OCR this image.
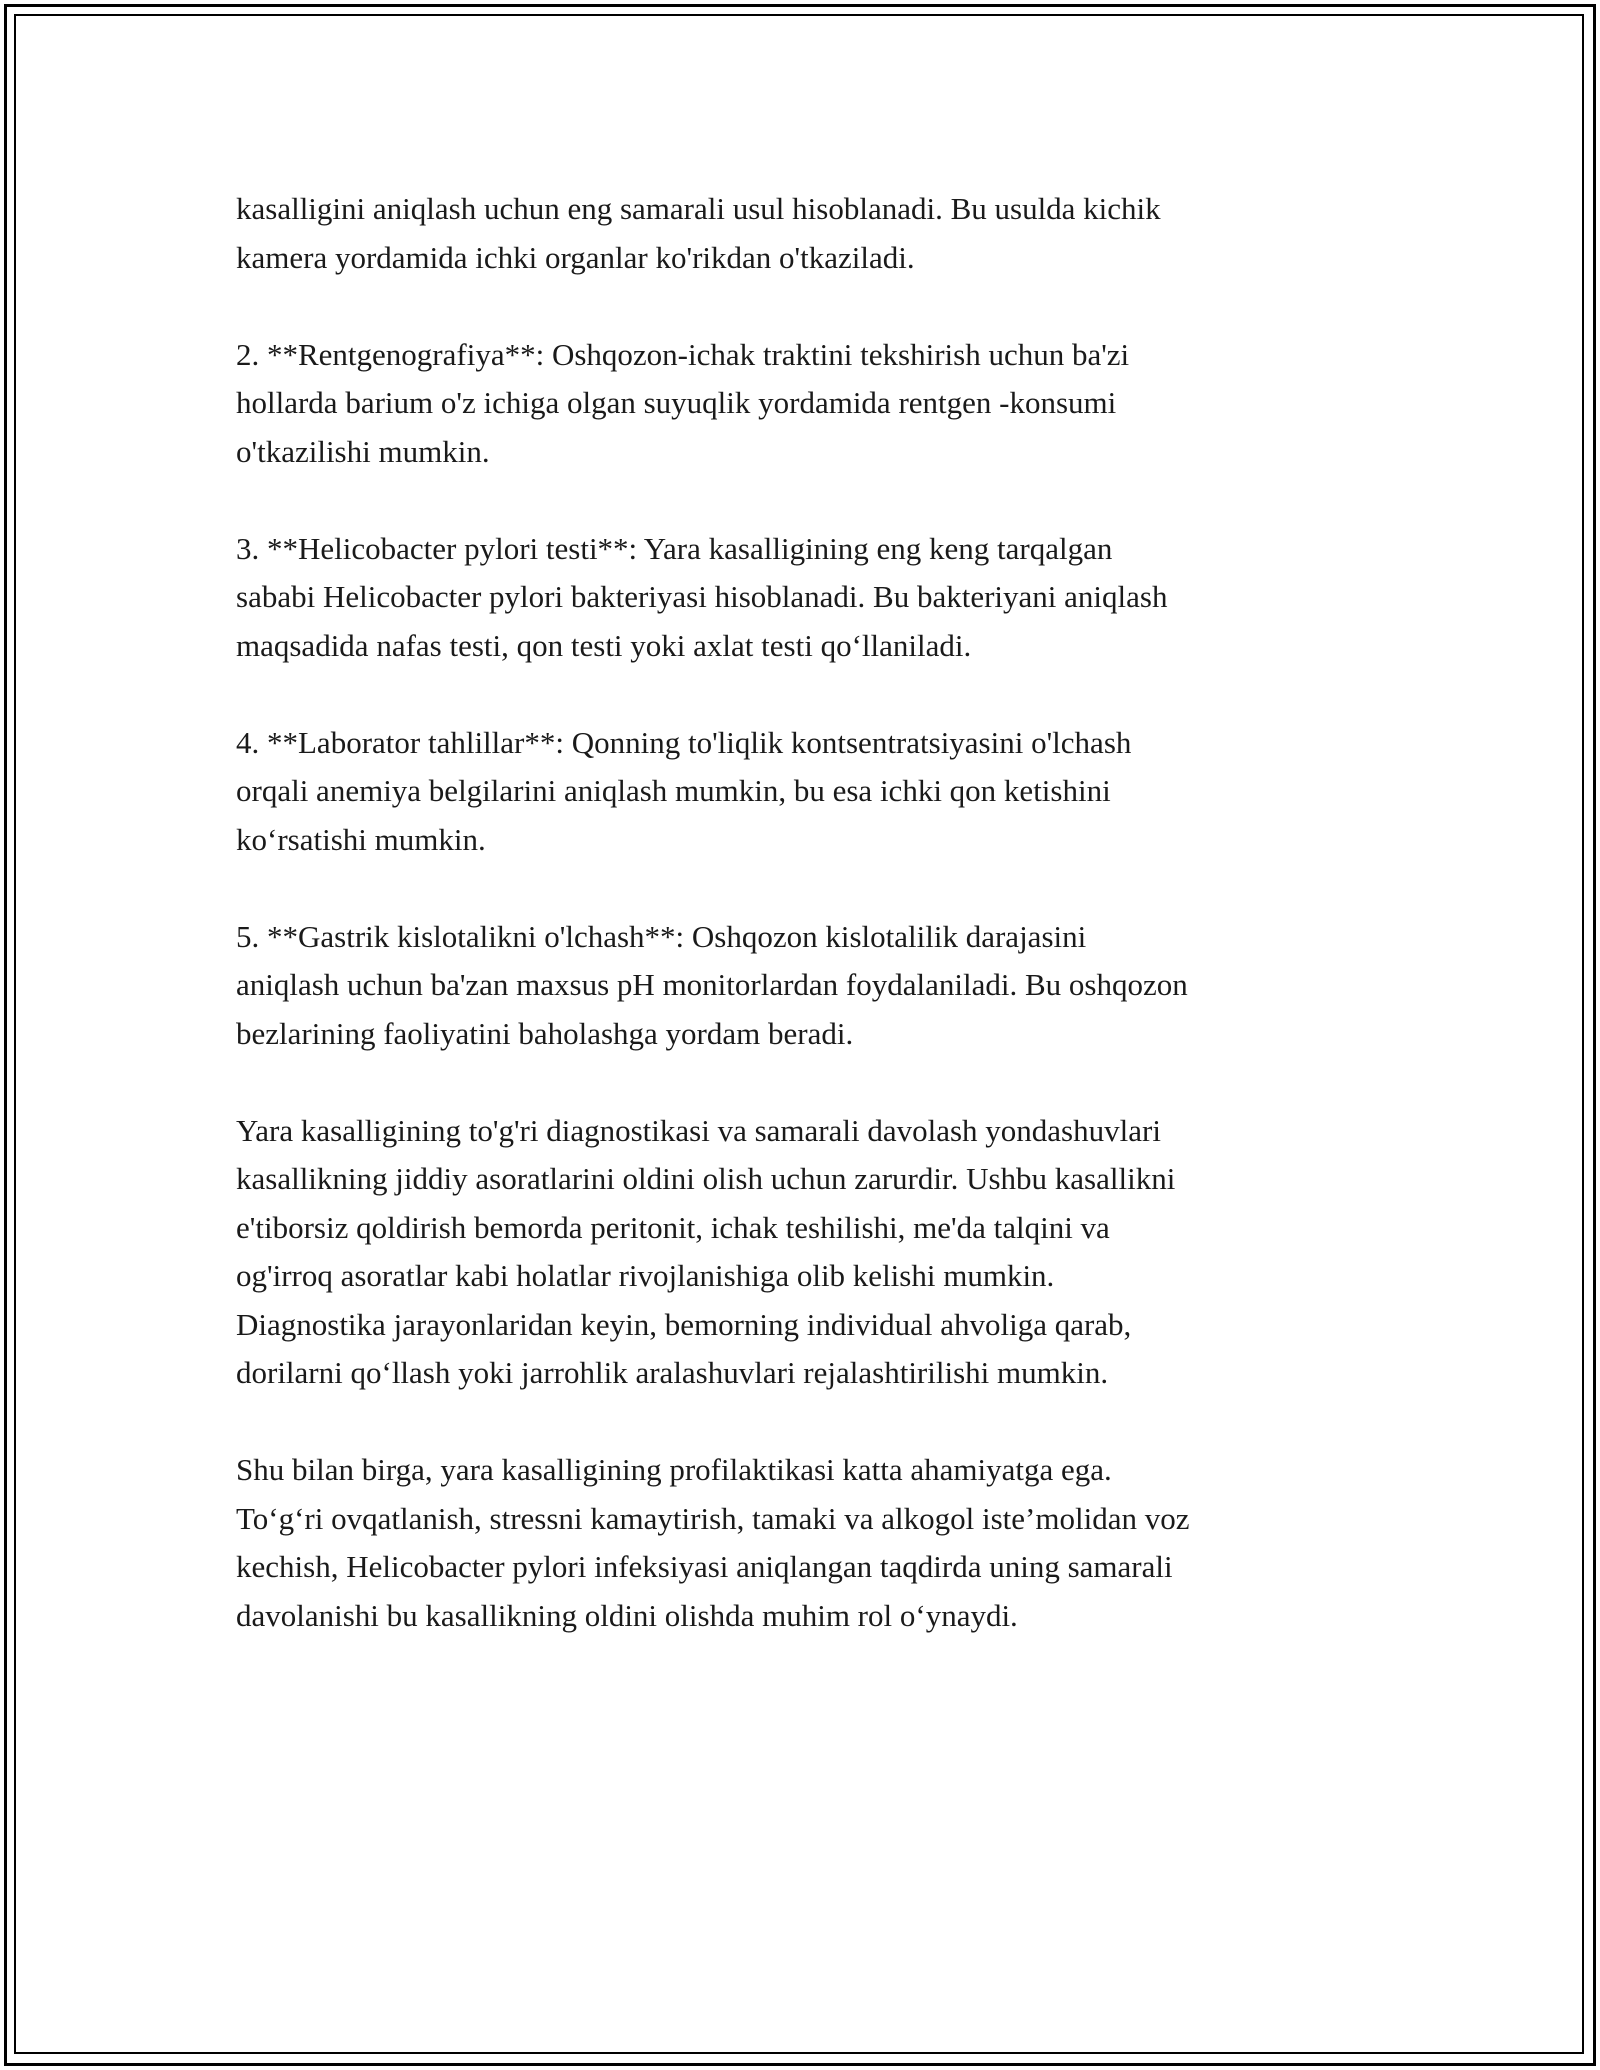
kasalligini aniqlash uchun eng samarali usul hisoblanadi. Bu usulda kichik
kamera yordamida ichki organlar ko'rikdan o'tkaziladi.

2. **Rentgenografiya**: Oshqozon-ichak traktini tekshirish uchun ba'zi
hollarda barium o'z ichiga olgan suyuqlik yordamida rentgen -konsumi
o'tkazilishi mumkin.

3. **Helicobacter pylori testi**: Yara kasalligining eng keng tarqalgan
sababi Helicobacter pylori bakteriyasi hisoblanadi. Bu bakteriyani aniqlash
maqsadida nafas testi, qon testi yoki axlat testi qo‘llaniladi.

4. **Laborator tahlillar**: Qonning to'liqlik kontsentratsiyasini o'lchash
orqali anemiya belgilarini aniqlash mumkin, bu esa ichki qon ketishini
ko‘rsatishi mumkin.

5. **Gastrik kislotalikni o'lchash**: Oshqozon kislotalilik darajasini
aniqlash uchun ba'zan maxsus pH monitorlardan foydalaniladi. Bu oshqozon
bezlarining faoliyatini baholashga yordam beradi.

Yara kasalligining to'g'ri diagnostikasi va samarali davolash yondashuvlari
kasallikning jiddiy asoratlarini oldini olish uchun zarurdir. Ushbu kasallikni
e'tiborsiz qoldirish bemorda peritonit, ichak teshilishi, me'da talqini va
og'irroq asoratlar kabi holatlar rivojlanishiga olib kelishi mumkin.
Diagnostika jarayonlaridan keyin, bemorning individual ahvoliga qarab,
dorilarni qo‘llash yoki jarrohlik aralashuvlari rejalashtirilishi mumkin.

Shu bilan birga, yara kasalligining profilaktikasi katta ahamiyatga ega.
To‘g‘ri ovqatlanish, stressni kamaytirish, tamaki va alkogol iste’molidan voz
kechish, Helicobacter pylori infeksiyasi aniqlangan taqdirda uning samarali
davolanishi bu kasallikning oldini olishda muhim rol o‘ynaydi.
